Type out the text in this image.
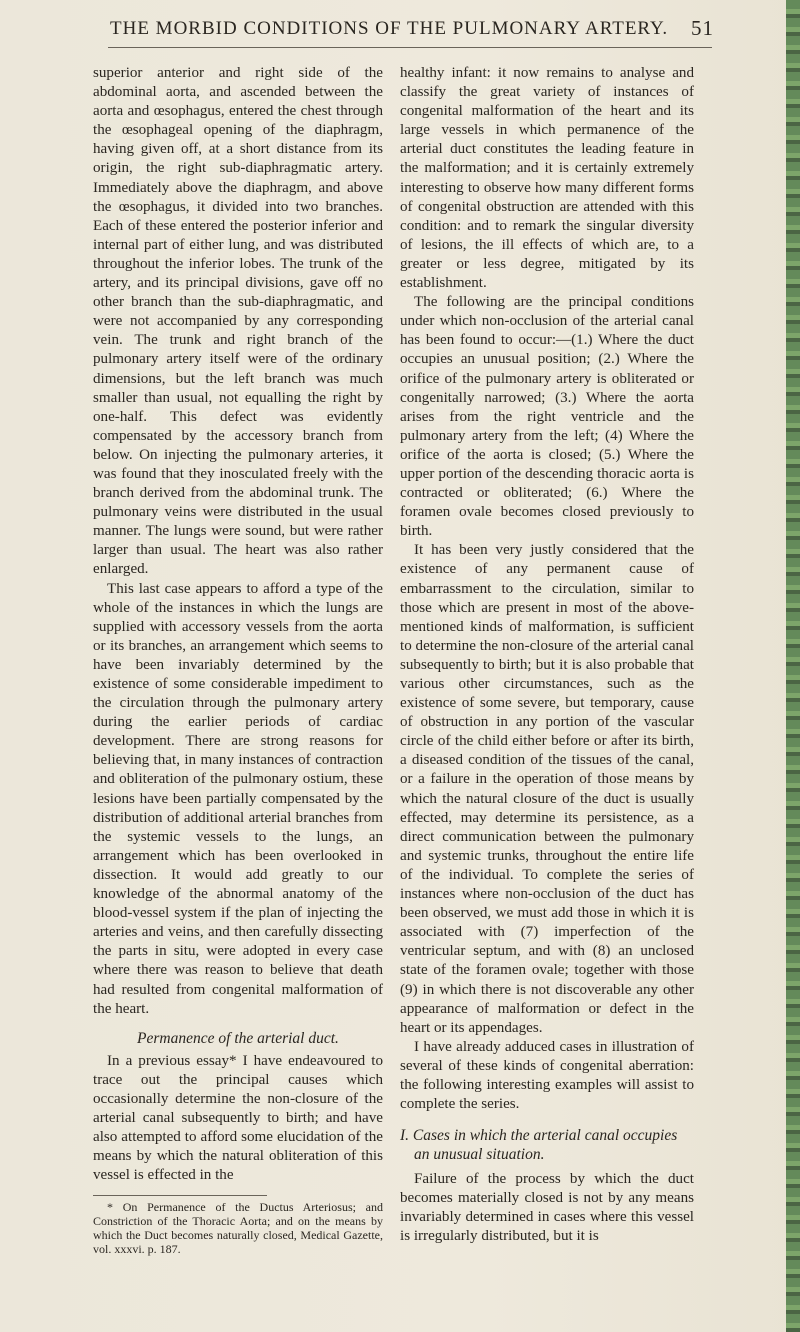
THE MORBID CONDITIONS OF THE PULMONARY ARTERY. 51

superior anterior and right side of the abdominal aorta, and ascended between the aorta and œsophagus, entered the chest through the œsophageal opening of the diaphragm, having given off, at a short distance from its origin, the right sub-diaphragmatic artery. Immediately above the diaphragm, and above the œsophagus, it divided into two branches. Each of these entered the posterior inferior and internal part of either lung, and was distributed throughout the inferior lobes. The trunk of the artery, and its principal divisions, gave off no other branch than the sub-diaphragmatic, and were not accompanied by any corresponding vein. The trunk and right branch of the pulmonary artery itself were of the ordinary dimensions, but the left branch was much smaller than usual, not equalling the right by one-half. This defect was evidently compensated by the accessory branch from below. On injecting the pulmonary arteries, it was found that they inosculated freely with the branch derived from the abdominal trunk. The pulmonary veins were distributed in the usual manner. The lungs were sound, but were rather larger than usual. The heart was also rather enlarged.

This last case appears to afford a type of the whole of the instances in which the lungs are supplied with accessory vessels from the aorta or its branches, an arrangement which seems to have been invariably determined by the existence of some considerable impediment to the circulation through the pulmonary artery during the earlier periods of cardiac development. There are strong reasons for believing that, in many instances of contraction and obliteration of the pulmonary ostium, these lesions have been partially compensated by the distribution of additional arterial branches from the systemic vessels to the lungs, an arrangement which has been overlooked in dissection. It would add greatly to our knowledge of the abnormal anatomy of the blood-vessel system if the plan of injecting the arteries and veins, and then carefully dissecting the parts in situ, were adopted in every case where there was reason to believe that death had resulted from congenital malformation of the heart.

Permanence of the arterial duct.

In a previous essay* I have endeavoured to trace out the principal causes which occasionally determine the non-closure of the arterial canal subsequently to birth; and have also attempted to afford some elucidation of the means by which the natural obliteration of this vessel is effected in the

* On Permanence of the Ductus Arteriosus; and Constriction of the Thoracic Aorta; and on the means by which the Duct becomes naturally closed, Medical Gazette, vol. xxxvi. p. 187.

healthy infant: it now remains to analyse and classify the great variety of instances of congenital malformation of the heart and its large vessels in which permanence of the arterial duct constitutes the leading feature in the malformation; and it is certainly extremely interesting to observe how many different forms of congenital obstruction are attended with this condition: and to remark the singular diversity of lesions, the ill effects of which are, to a greater or less degree, mitigated by its establishment.

The following are the principal conditions under which non-occlusion of the arterial canal has been found to occur:—(1.) Where the duct occupies an unusual position; (2.) Where the orifice of the pulmonary artery is obliterated or congenitally narrowed; (3.) Where the aorta arises from the right ventricle and the pulmonary artery from the left; (4) Where the orifice of the aorta is closed; (5.) Where the upper portion of the descending thoracic aorta is contracted or obliterated; (6.) Where the foramen ovale becomes closed previously to birth.

It has been very justly considered that the existence of any permanent cause of embarrassment to the circulation, similar to those which are present in most of the above-mentioned kinds of malformation, is sufficient to determine the non-closure of the arterial canal subsequently to birth; but it is also probable that various other circumstances, such as the existence of some severe, but temporary, cause of obstruction in any portion of the vascular circle of the child either before or after its birth, a diseased condition of the tissues of the canal, or a failure in the operation of those means by which the natural closure of the duct is usually effected, may determine its persistence, as a direct communication between the pulmonary and systemic trunks, throughout the entire life of the individual. To complete the series of instances where non-occlusion of the duct has been observed, we must add those in which it is associated with (7) imperfection of the ventricular septum, and with (8) an unclosed state of the foramen ovale; together with those (9) in which there is not discoverable any other appearance of malformation or defect in the heart or its appendages.

I have already adduced cases in illustration of several of these kinds of congenital aberration: the following interesting examples will assist to complete the series.

I. Cases in which the arterial canal occupies an unusual situation.

Failure of the process by which the duct becomes materially closed is not by any means invariably determined in cases where this vessel is irregularly distributed, but it is
